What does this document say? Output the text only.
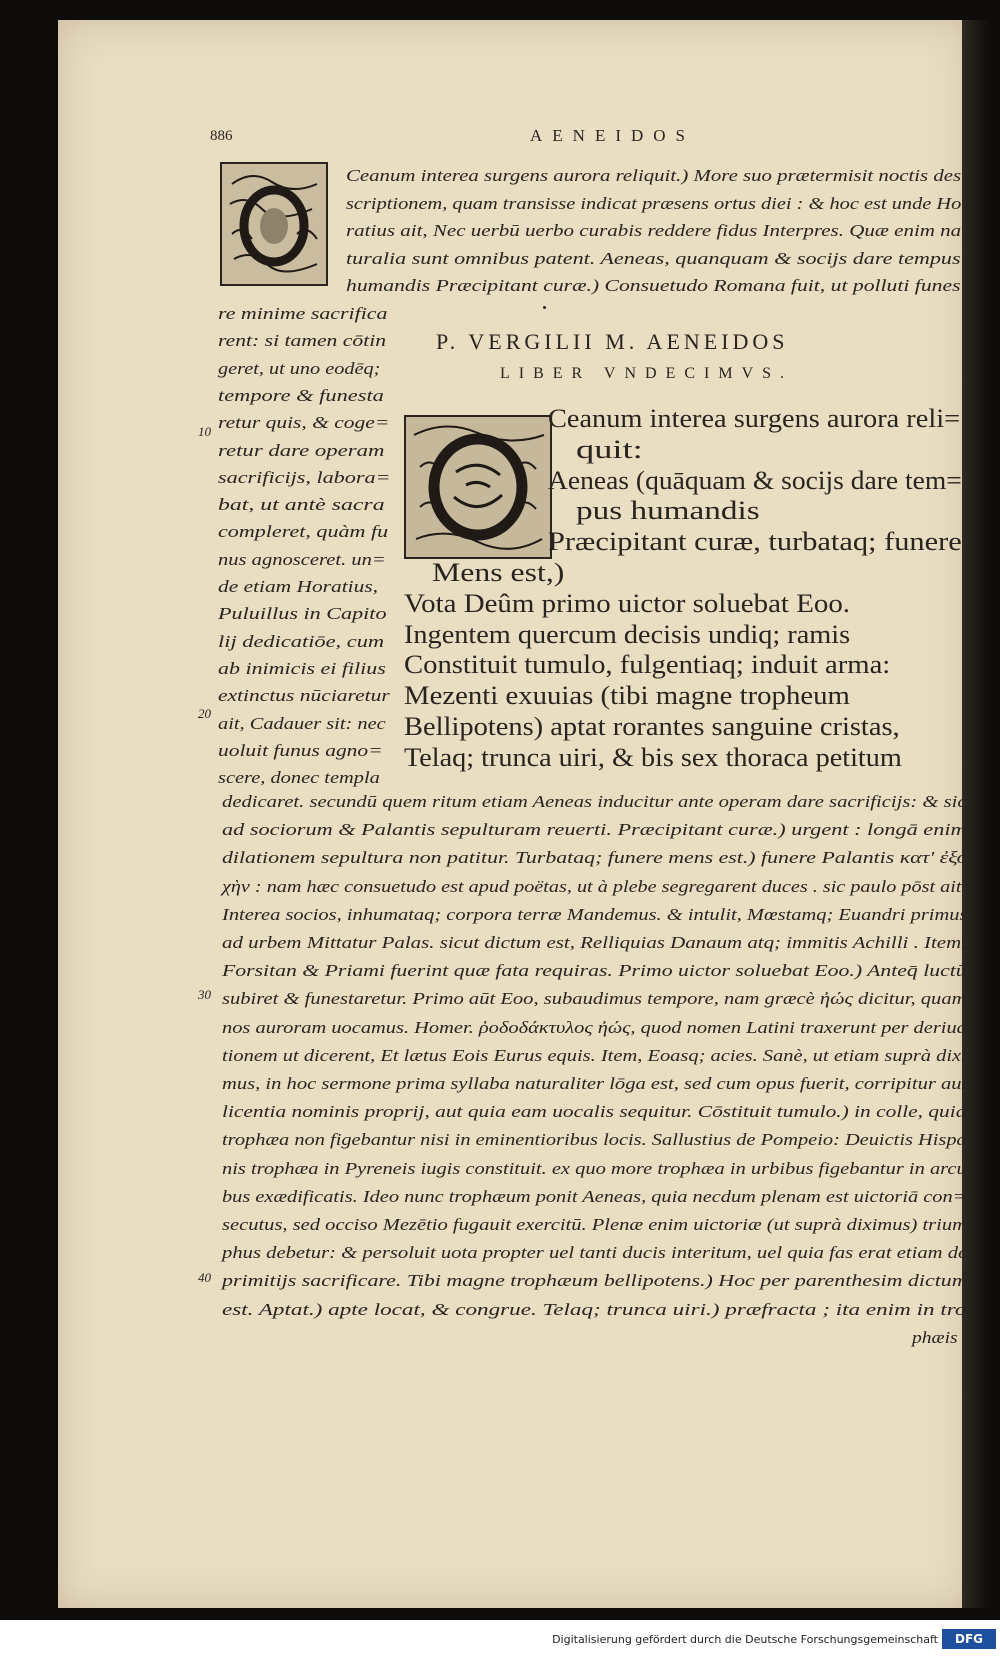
886	AENEIDOS
Ceanum interea surgens aurora reliquit.) More suo prætermisit noctis des
scriptionem, quam transisse indicat præsens ortus diei : & hoc est unde Ho
ratius ait, Nec uerbū uerbo curabis reddere fidus Interpres. Quæ enim na
turalia sunt omnibus patent. Aeneas, quanquam & socijs dare tempus
humandis Præcipitant curæ.) Consuetudo Romana fuit, ut polluti funes
P. VERGILII M. AENEIDOS
LIBER VNDECIMVS.
Ceanum interea surgens aurora reli=
quit:
Aeneas (quāquam & socijs dare tem=
pus humandis
Præcipitant curæ, turbataq; funere
Mens est,)
Vota Deûm primo uictor soluebat Eoo.
Ingentem quercum decisis undiq; ramis
Constituit tumulo, fulgentiaq; induit arma:
Mezenti exuuias (tibi magne tropheum
Bellipotens) aptat rorantes sanguine cristas,
Telaq; trunca uiri, & bis sex thoraca petitum
re minime sacrifica
rent: si tamen cōtin
geret, ut uno eodēq;
tempore & funesta
retur quis, & coge=
retur dare operam
sacrificijs, labora=
bat, ut antè sacra
compleret, quàm fu
nus agnosceret. un=
de etiam Horatius,
Puluillus in Capito
lij dedicatiōe, cum
ab inimicis ei filius
extinctus nūciaretur
ait, Cadauer sit: nec
uoluit funus agno=
scere, donec templa
dedicaret. secundū quem ritum etiam Aeneas inducitur ante operam dare sacrificijs: & sic
ad sociorum & Palantis sepulturam reuerti. Præcipitant curæ.) urgent : longā enim
dilationem sepultura non patitur. Turbataq; funere mens est.) funere Palantis κατ' ἐξο
χὴν : nam hæc consuetudo est apud poëtas, ut à plebe segregarent duces . sic paulo pōst ait,
Interea socios, inhumataq; corpora terræ Mandemus. & intulit, Mœstamq; Euandri primus
ad urbem Mittatur Palas. sicut dictum est, Relliquias Danaum atq; immitis Achilli . Item,
Forsitan & Priami fuerint quæ fata requiras. Primo uictor soluebat Eoo.) Anteq̄ luctū
subiret & funestaretur. Primo aūt Eoo, subaudimus tempore, nam græcè ἠώς dicitur, quam
nos auroram uocamus. Homer. ῥοδοδάκτυλος ἠώς, quod nomen Latini traxerunt per deriua
tionem ut dicerent, Et lætus Eois Eurus equis. Item, Eoasq; acies. Sanè, ut etiam suprà dixi
mus, in hoc sermone prima syllaba naturaliter lōga est, sed cum opus fuerit, corripitur aut
licentia nominis proprij, aut quia eam uocalis sequitur. Cōstituit tumulo.) in colle, quia
trophæa non figebantur nisi in eminentioribus locis. Sallustius de Pompeio: Deuictis Hispa
nis trophæa in Pyreneis iugis constituit. ex quo more trophæa in urbibus figebantur in arcu
bus exædificatis. Ideo nunc trophæum ponit Aeneas, quia necdum plenam est uictoriā con=
secutus, sed occiso Mezētio fugauit exercitū. Plenæ enim uictoriæ (ut suprà diximus) trium
phus debetur: & persoluit uota propter uel tanti ducis interitum, uel quia fas erat etiam de
primitijs sacrificare. Tibi magne trophæum bellipotens.) Hoc per parenthesim dictum
est. Aptat.) apte locat, & congrue. Telaq; trunca uiri.) præfracta ; ita enim in tro
phæis
10
20
30
40
Digitalisierung gefördert durch die Deutsche Forschungsgemeinschaft	DFG
